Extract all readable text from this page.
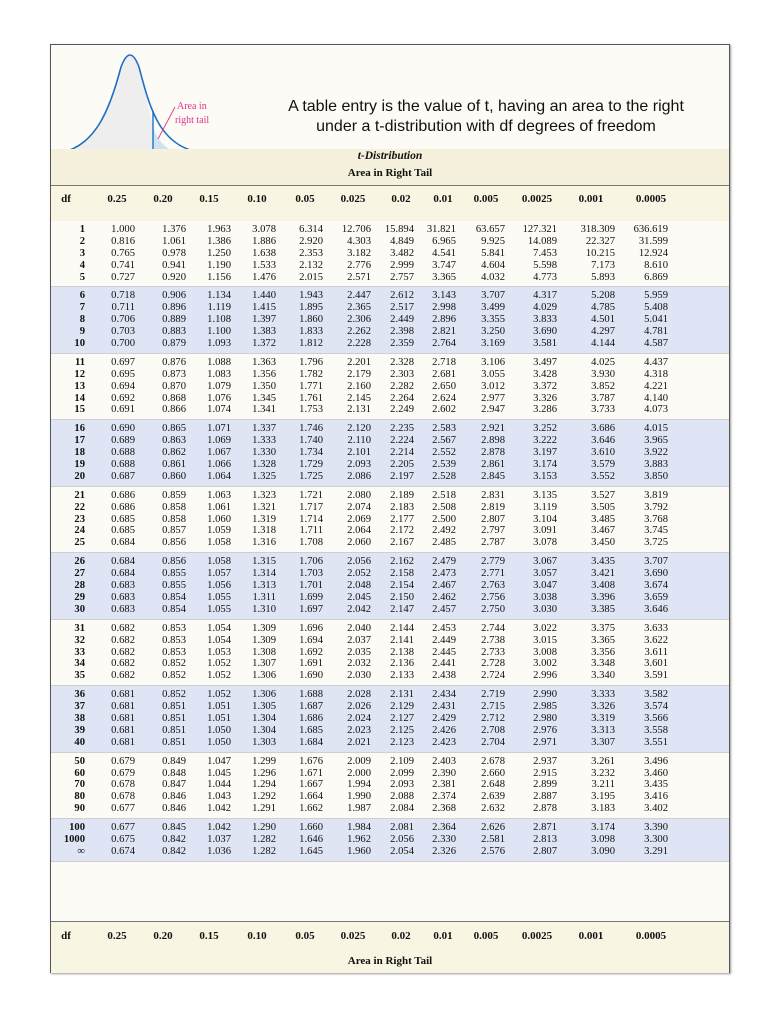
Area in
right tail
A table entry is the value of t, having an area to the right under a t-distribution with df degrees of freedom
t-Distribution
Area in Right Tail
df	0.25	0.20	0.15	0.10	0.05	0.025	0.02	0.01	0.005	0.0025	0.001	0.0005
1	1.000	1.376	1.963	3.078	6.314	12.706	15.894	31.821	63.657	127.321	318.309	636.619
2	0.816	1.061	1.386	1.886	2.920	4.303	4.849	6.965	9.925	14.089	22.327	31.599
3	0.765	0.978	1.250	1.638	2.353	3.182	3.482	4.541	5.841	7.453	10.215	12.924
4	0.741	0.941	1.190	1.533	2.132	2.776	2.999	3.747	4.604	5.598	7.173	8.610
5	0.727	0.920	1.156	1.476	2.015	2.571	2.757	3.365	4.032	4.773	5.893	6.869
6	0.718	0.906	1.134	1.440	1.943	2.447	2.612	3.143	3.707	4.317	5.208	5.959
7	0.711	0.896	1.119	1.415	1.895	2.365	2.517	2.998	3.499	4.029	4.785	5.408
8	0.706	0.889	1.108	1.397	1.860	2.306	2.449	2.896	3.355	3.833	4.501	5.041
9	0.703	0.883	1.100	1.383	1.833	2.262	2.398	2.821	3.250	3.690	4.297	4.781
10	0.700	0.879	1.093	1.372	1.812	2.228	2.359	2.764	3.169	3.581	4.144	4.587
11	0.697	0.876	1.088	1.363	1.796	2.201	2.328	2.718	3.106	3.497	4.025	4.437
12	0.695	0.873	1.083	1.356	1.782	2.179	2.303	2.681	3.055	3.428	3.930	4.318
13	0.694	0.870	1.079	1.350	1.771	2.160	2.282	2.650	3.012	3.372	3.852	4.221
14	0.692	0.868	1.076	1.345	1.761	2.145	2.264	2.624	2.977	3.326	3.787	4.140
15	0.691	0.866	1.074	1.341	1.753	2.131	2.249	2.602	2.947	3.286	3.733	4.073
16	0.690	0.865	1.071	1.337	1.746	2.120	2.235	2.583	2.921	3.252	3.686	4.015
17	0.689	0.863	1.069	1.333	1.740	2.110	2.224	2.567	2.898	3.222	3.646	3.965
18	0.688	0.862	1.067	1.330	1.734	2.101	2.214	2.552	2.878	3.197	3.610	3.922
19	0.688	0.861	1.066	1.328	1.729	2.093	2.205	2.539	2.861	3.174	3.579	3.883
20	0.687	0.860	1.064	1.325	1.725	2.086	2.197	2.528	2.845	3.153	3.552	3.850
21	0.686	0.859	1.063	1.323	1.721	2.080	2.189	2.518	2.831	3.135	3.527	3.819
22	0.686	0.858	1.061	1.321	1.717	2.074	2.183	2.508	2.819	3.119	3.505	3.792
23	0.685	0.858	1.060	1.319	1.714	2.069	2.177	2.500	2.807	3.104	3.485	3.768
24	0.685	0.857	1.059	1.318	1.711	2.064	2.172	2.492	2.797	3.091	3.467	3.745
25	0.684	0.856	1.058	1.316	1.708	2.060	2.167	2.485	2.787	3.078	3.450	3.725
26	0.684	0.856	1.058	1.315	1.706	2.056	2.162	2.479	2.779	3.067	3.435	3.707
27	0.684	0.855	1.057	1.314	1.703	2.052	2.158	2.473	2.771	3.057	3.421	3.690
28	0.683	0.855	1.056	1.313	1.701	2.048	2.154	2.467	2.763	3.047	3.408	3.674
29	0.683	0.854	1.055	1.311	1.699	2.045	2.150	2.462	2.756	3.038	3.396	3.659
30	0.683	0.854	1.055	1.310	1.697	2.042	2.147	2.457	2.750	3.030	3.385	3.646
31	0.682	0.853	1.054	1.309	1.696	2.040	2.144	2.453	2.744	3.022	3.375	3.633
32	0.682	0.853	1.054	1.309	1.694	2.037	2.141	2.449	2.738	3.015	3.365	3.622
33	0.682	0.853	1.053	1.308	1.692	2.035	2.138	2.445	2.733	3.008	3.356	3.611
34	0.682	0.852	1.052	1.307	1.691	2.032	2.136	2.441	2.728	3.002	3.348	3.601
35	0.682	0.852	1.052	1.306	1.690	2.030	2.133	2.438	2.724	2.996	3.340	3.591
36	0.681	0.852	1.052	1.306	1.688	2.028	2.131	2.434	2.719	2.990	3.333	3.582
37	0.681	0.851	1.051	1.305	1.687	2.026	2.129	2.431	2.715	2.985	3.326	3.574
38	0.681	0.851	1.051	1.304	1.686	2.024	2.127	2.429	2.712	2.980	3.319	3.566
39	0.681	0.851	1.050	1.304	1.685	2.023	2.125	2.426	2.708	2.976	3.313	3.558
40	0.681	0.851	1.050	1.303	1.684	2.021	2.123	2.423	2.704	2.971	3.307	3.551
50	0.679	0.849	1.047	1.299	1.676	2.009	2.109	2.403	2.678	2.937	3.261	3.496
60	0.679	0.848	1.045	1.296	1.671	2.000	2.099	2.390	2.660	2.915	3.232	3.460
70	0.678	0.847	1.044	1.294	1.667	1.994	2.093	2.381	2.648	2.899	3.211	3.435
80	0.678	0.846	1.043	1.292	1.664	1.990	2.088	2.374	2.639	2.887	3.195	3.416
90	0.677	0.846	1.042	1.291	1.662	1.987	2.084	2.368	2.632	2.878	3.183	3.402
100	0.677	0.845	1.042	1.290	1.660	1.984	2.081	2.364	2.626	2.871	3.174	3.390
1000	0.675	0.842	1.037	1.282	1.646	1.962	2.056	2.330	2.581	2.813	3.098	3.300
∞	0.674	0.842	1.036	1.282	1.645	1.960	2.054	2.326	2.576	2.807	3.090	3.291
df	0.25	0.20	0.15	0.10	0.05	0.025	0.02	0.01	0.005	0.0025	0.001	0.0005
Area in Right Tail
